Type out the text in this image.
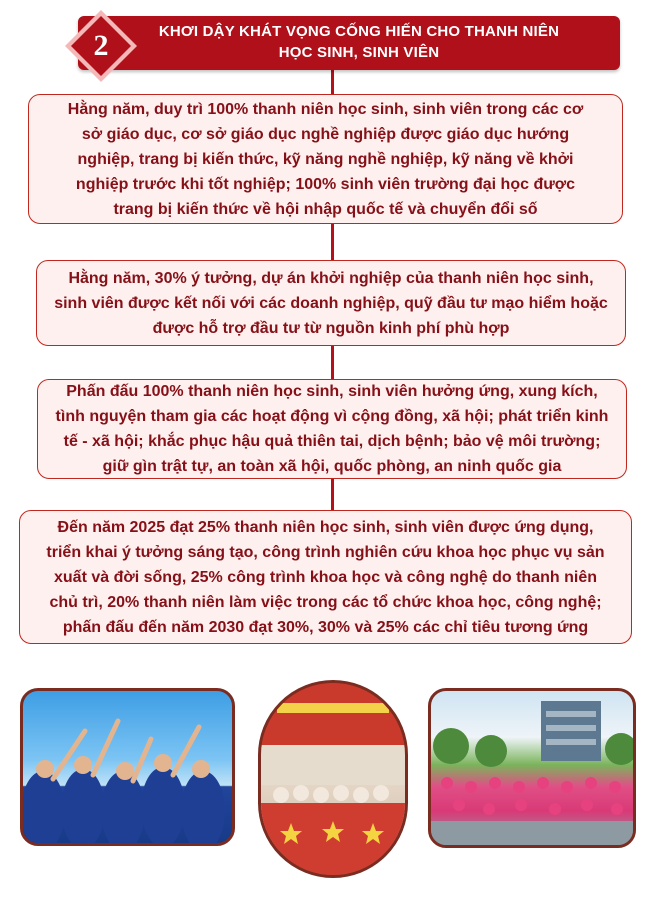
KHƠI DẬY KHÁT VỌNG CỐNG HIẾN CHO THANH NIÊN
HỌC SINH, SINH VIÊN
2
Hằng năm, duy trì 100% thanh niên học sinh, sinh viên trong các cơ
sở giáo dục, cơ sở giáo dục nghề nghiệp được giáo dục hướng
nghiệp, trang bị kiến thức, kỹ năng nghề nghiệp, kỹ năng về khởi
nghiệp trước khi tốt nghiệp; 100% sinh viên trường đại học được
trang bị kiến thức về hội nhập quốc tế và chuyển đổi số
Hằng năm, 30% ý tưởng, dự án khởi nghiệp của thanh niên học sinh,
sinh viên được kết nối với các doanh nghiệp, quỹ đầu tư mạo hiểm hoặc
được hỗ trợ đầu tư từ nguồn kinh phí phù hợp
Phấn đấu 100% thanh niên học sinh, sinh viên hưởng ứng, xung kích,
tình nguyện tham gia các hoạt động vì cộng đồng, xã hội; phát triển kinh
tế - xã hội; khắc phục hậu quả thiên tai, dịch bệnh; bảo vệ môi trường;
giữ gìn trật tự, an toàn xã hội, quốc phòng, an ninh quốc gia
Đến năm 2025 đạt 25% thanh niên học sinh, sinh viên được ứng dụng,
triển khai ý tưởng sáng tạo, công trình nghiên cứu khoa học phục vụ sản
xuất và đời sống, 25% công trình khoa học và công nghệ do thanh niên
chủ trì, 20% thanh niên làm việc trong các tổ chức khoa học, công nghệ;
phấn đấu đến năm 2030 đạt 30%, 30% và 25% các chỉ tiêu tương ứng
